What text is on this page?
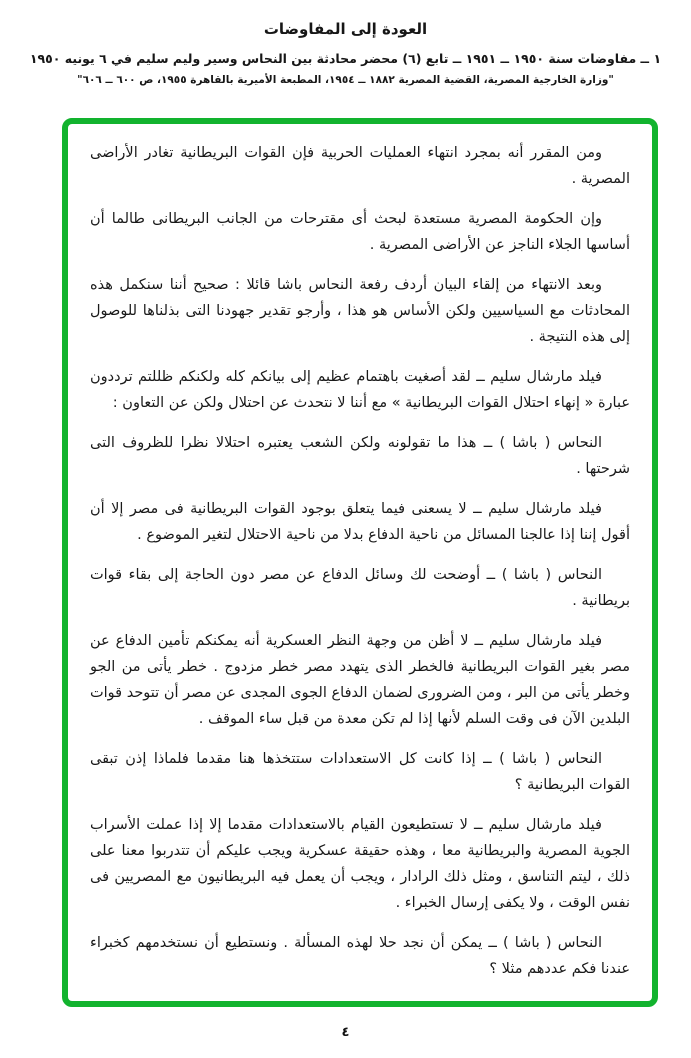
العودة إلى المفاوضات
١ ــ مفاوضات سنة ١٩٥٠ ــ ١٩٥١ ــ تابع (٦) محضر محادثة بين النحاس وسير وليم سليم في ٦ يونيه ١٩٥٠
"وزارة الخارجية المصرية، القضية المصرية ١٨٨٢ ــ ١٩٥٤، المطبعة الأميرية بالقاهرة ١٩٥٥، ص ٦٠٠ ــ ٦٠٦"

ومن المقرر أنه بمجرد انتهاء العمليات الحربية فإن القوات البريطانية تغادر الأراضى المصرية .

وإن الحكومة المصرية مستعدة لبحث أى مقترحات من الجانب البريطانى طالما أن أساسها الجلاء الناجز عن الأراضى المصرية .

وبعد الانتهاء من إلقاء البيان أردف رفعة النحاس باشا قائلا : صحيح أننا سنكمل هذه المحادثات مع السياسيين ولكن الأساس هو هذا ، وأرجو تقدير جهودنا التى بذلناها للوصول إلى هذه النتيجة .

فيلد مارشال سليم ــ لقد أصغيت باهتمام عظيم إلى بيانكم كله ولكنكم ظللتم ترددون عبارة « إنهاء احتلال القوات البريطانية » مع أننا لا نتحدث عن احتلال ولكن عن التعاون :

النحاس ( باشا ) ــ هذا ما تقولونه ولكن الشعب يعتبره احتلالا نظرا للظروف التى شرحتها .

فيلد مارشال سليم ــ لا يسعنى فيما يتعلق بوجود القوات البريطانية فى مصر إلا أن أقول إننا إذا عالجنا المسائل من ناحية الدفاع بدلا من ناحية الاحتلال لتغير الموضوع .

النحاس ( باشا ) ــ أوضحت لك وسائل الدفاع عن مصر دون الحاجة إلى بقاء قوات بريطانية .

فيلد مارشال سليم ــ لا أظن من وجهة النظر العسكرية أنه يمكنكم تأمين الدفاع عن مصر بغير القوات البريطانية فالخطر الذى يتهدد مصر خطر مزدوج . خطر يأتى من الجو وخطر يأتى من البر ، ومن الضرورى لضمان الدفاع الجوى المجدى عن مصر أن تتوحد قوات البلدين الآن فى وقت السلم لأنها إذا لم تكن معدة من قبل ساء الموقف .

النحاس ( باشا ) ــ إذا كانت كل الاستعدادات ستتخذها هنا مقدما فلماذا إذن تبقى القوات البريطانية ؟

فيلد مارشال سليم ــ لا تستطيعون القيام بالاستعدادات مقدما إلا إذا عملت الأسراب الجوية المصرية والبريطانية معا ، وهذه حقيقة عسكرية ويجب عليكم أن تتدربوا معنا على ذلك ، ليتم التناسق ، ومثل ذلك الرادار ، ويجب أن يعمل فيه البريطانيون مع المصريين فى نفس الوقت ، ولا يكفى إرسال الخبراء .

النحاس ( باشا ) ــ يمكن أن نجد حلا لهذه المسألة . ونستطيع أن نستخدمهم كخبراء عندنا فكم عددهم مثلا ؟

٤
